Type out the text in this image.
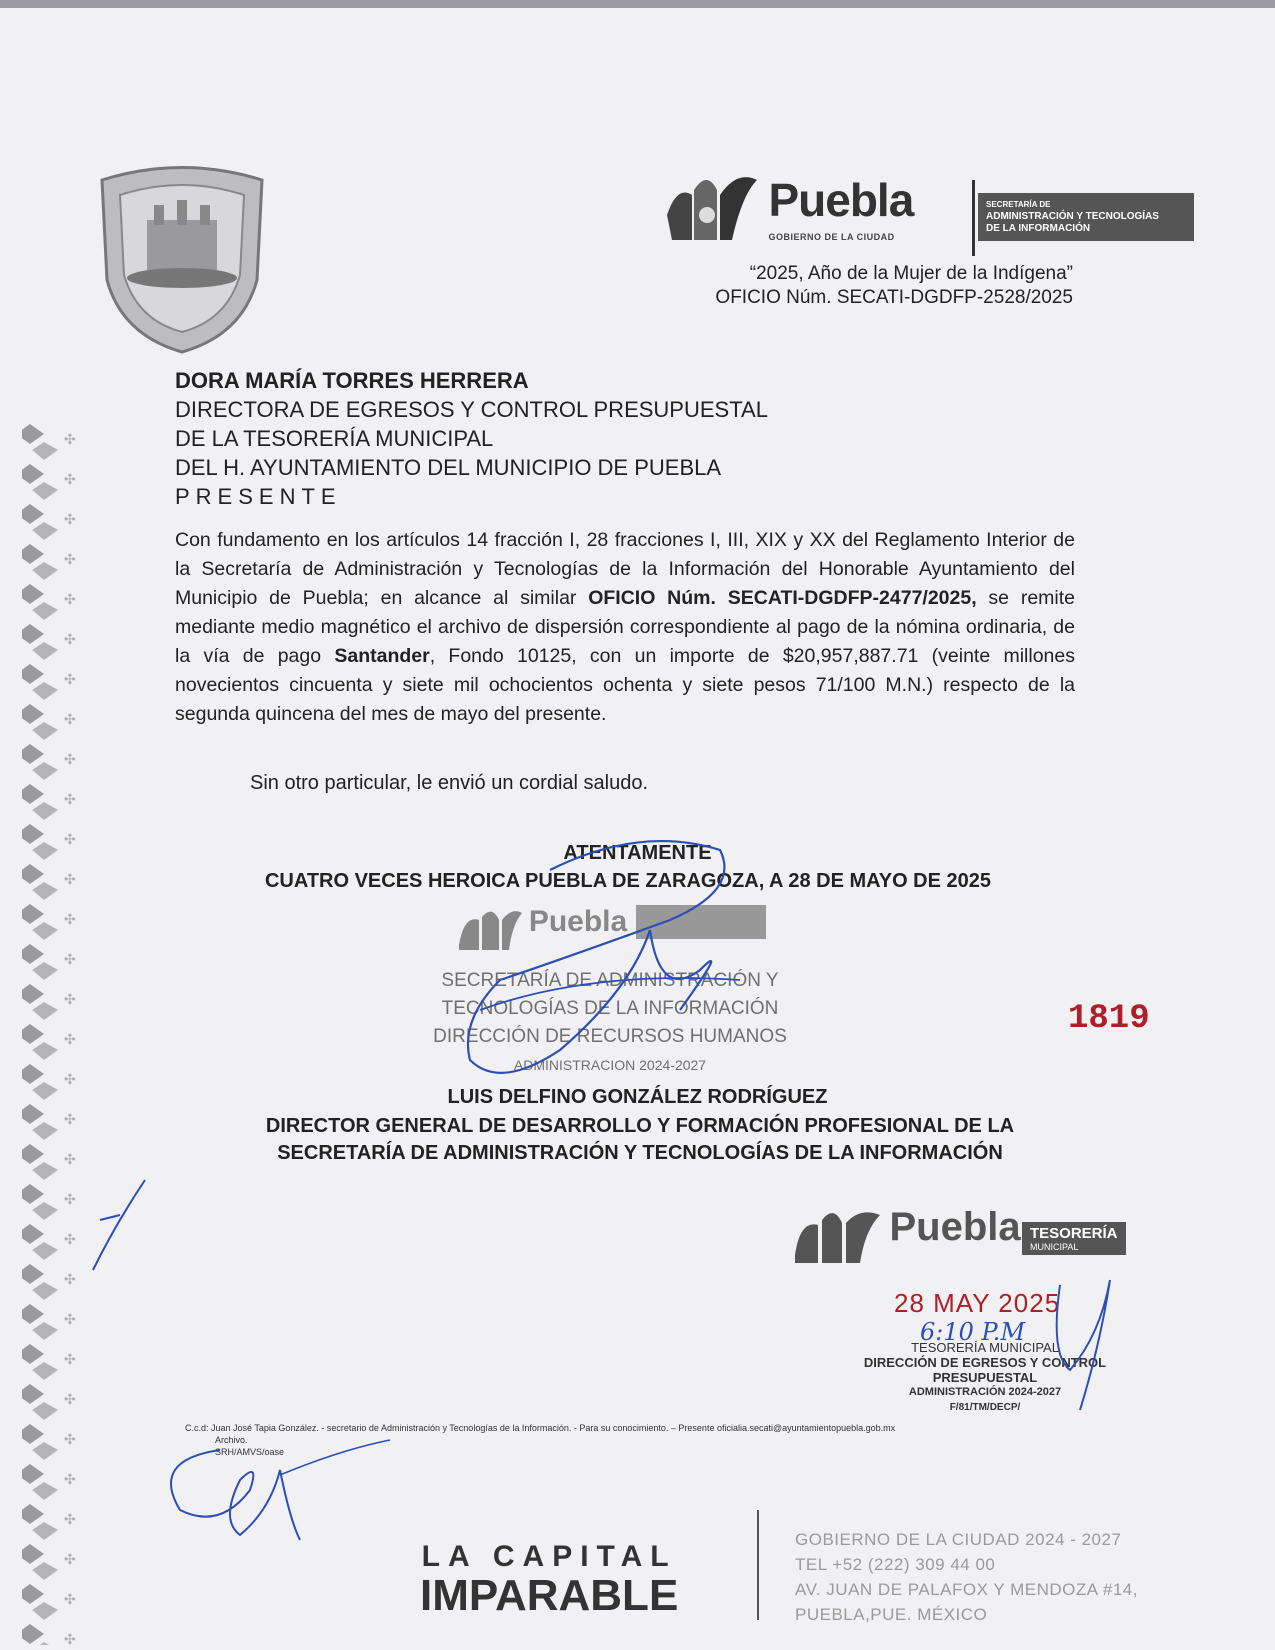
Puebla
GOBIERNO DE LA CIUDAD
SECRETARÍA DE
ADMINISTRACIÓN Y TECNOLOGÍAS
DE LA INFORMACIÓN
“2025, Año de la Mujer de la Indígena”
OFICIO Núm. SECATI-DGDFP-2528/2025
DORA MARÍA TORRES HERRERA
DIRECTORA DE EGRESOS Y CONTROL PRESUPUESTAL
DE LA TESORERÍA MUNICIPAL
DEL H. AYUNTAMIENTO DEL MUNICIPIO DE PUEBLA
PRESENTE
Con fundamento en los artículos 14 fracción I, 28 fracciones I, III, XIX y XX del Reglamento Interior de la Secretaría de Administración y Tecnologías de la Información del Honorable Ayuntamiento del Municipio de Puebla; en alcance al similar OFICIO Núm. SECATI-DGDFP-2477/2025, se remite mediante medio magnético el archivo de dispersión correspondiente al pago de la nómina ordinaria, de la vía de pago Santander, Fondo 10125, con un importe de $20,957,887.71 (veinte millones novecientos cincuenta y siete mil ochocientos ochenta y siete pesos 71/100 M.N.) respecto de la segunda quincena del mes de mayo del presente.
Sin otro particular, le envió un cordial saludo.
ATENTAMENTE
CUATRO VECES HEROICA PUEBLA DE ZARAGOZA, A 28 DE MAYO DE 2025
Puebla
SECRETARÍA DE ADMINISTRACIÓN Y
TECNOLOGÍAS DE LA INFORMACIÓN
DIRECCIÓN DE RECURSOS HUMANOS
ADMINISTRACION 2024-2027
1819
LUIS DELFINO GONZÁLEZ RODRÍGUEZ
DIRECTOR GENERAL DE DESARROLLO Y FORMACIÓN PROFESIONAL DE LA
SECRETARÍA DE ADMINISTRACIÓN Y TECNOLOGÍAS DE LA INFORMACIÓN
Puebla TESORERÍA
MUNICIPAL
28 MAY 2025
6:10 P.M
TESORERÍA MUNICIPAL
DIRECCIÓN DE EGRESOS Y CONTROL
PRESUPUESTAL
ADMINISTRACIÓN 2024-2027
F/81/TM/DECP/
C.c.d: Juan José Tapia González. - secretario de Administración y Tecnologías de la Información. - Para su conocimiento. – Presente oficialia.secati@ayuntamientopuebla.gob.mx
Archivo.
SRH/AMVS/oase
LA CAPITAL
IMPARABLE
GOBIERNO DE LA CIUDAD 2024 - 2027
TEL +52 (222) 309 44 00
AV. JUAN DE PALAFOX Y MENDOZA #14,
PUEBLA,PUE. MÉXICO
